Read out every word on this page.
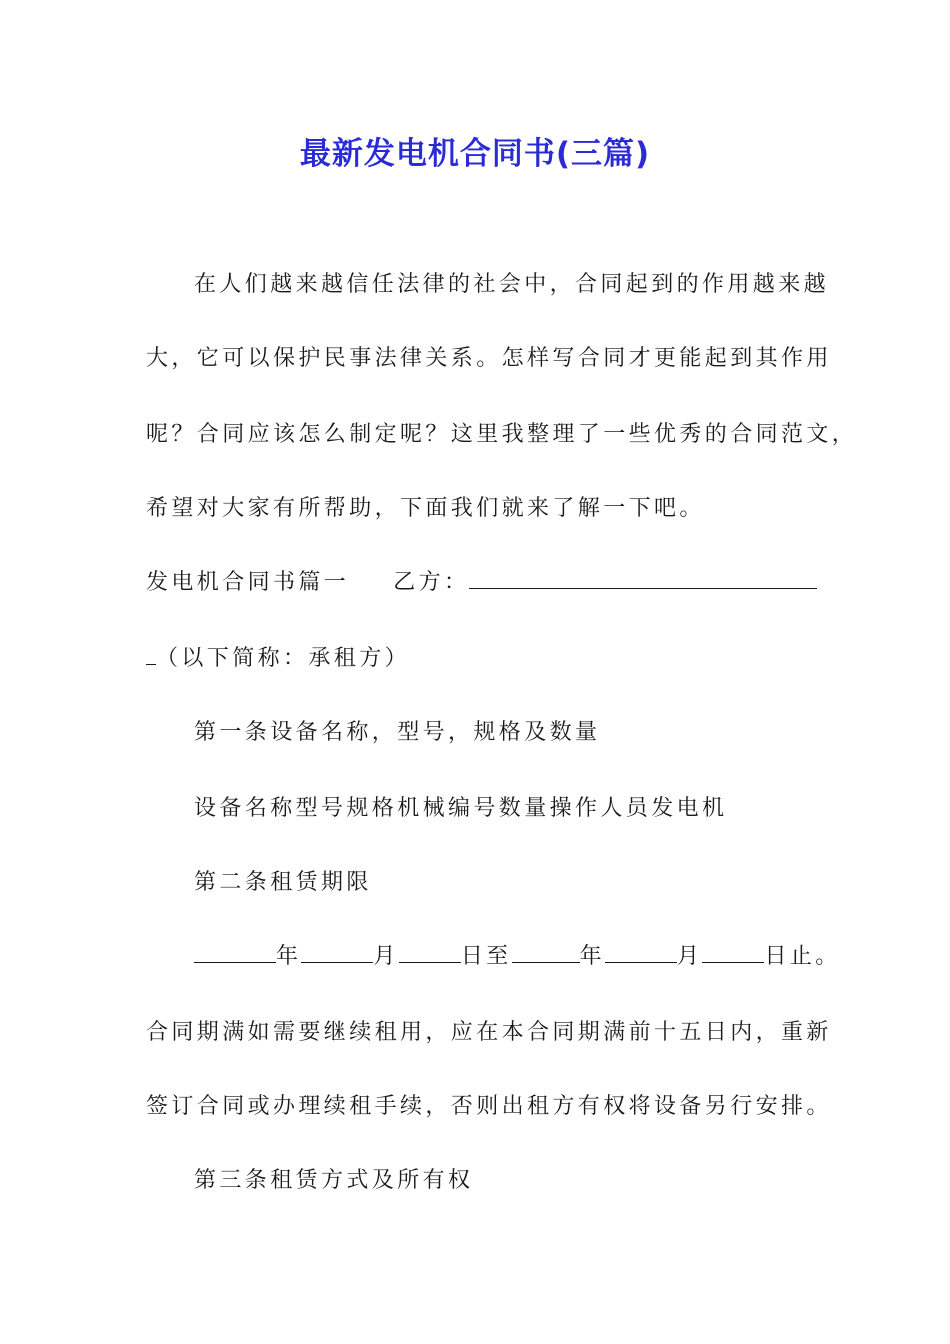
最新发电机合同书(三篇)
在人们越来越信任法律的社会中，合同起到的作用越来越
大，它可以保护民事法律关系。怎样写合同才更能起到其作用
呢？合同应该怎么制定呢？这里我整理了一些优秀的合同范文，
希望对大家有所帮助，下面我们就来了解一下吧。
发电机合同书篇一 乙方：
（以下简称：承租方）
第一条设备名称，型号，规格及数量
设备名称型号规格机械编号数量操作人员发电机
第二条租赁期限
年	月	日至	年	月	日止。
合同期满如需要继续租用，应在本合同期满前十五日内，重新
签订合同或办理续租手续，否则出租方有权将设备另行安排。
第三条租赁方式及所有权
